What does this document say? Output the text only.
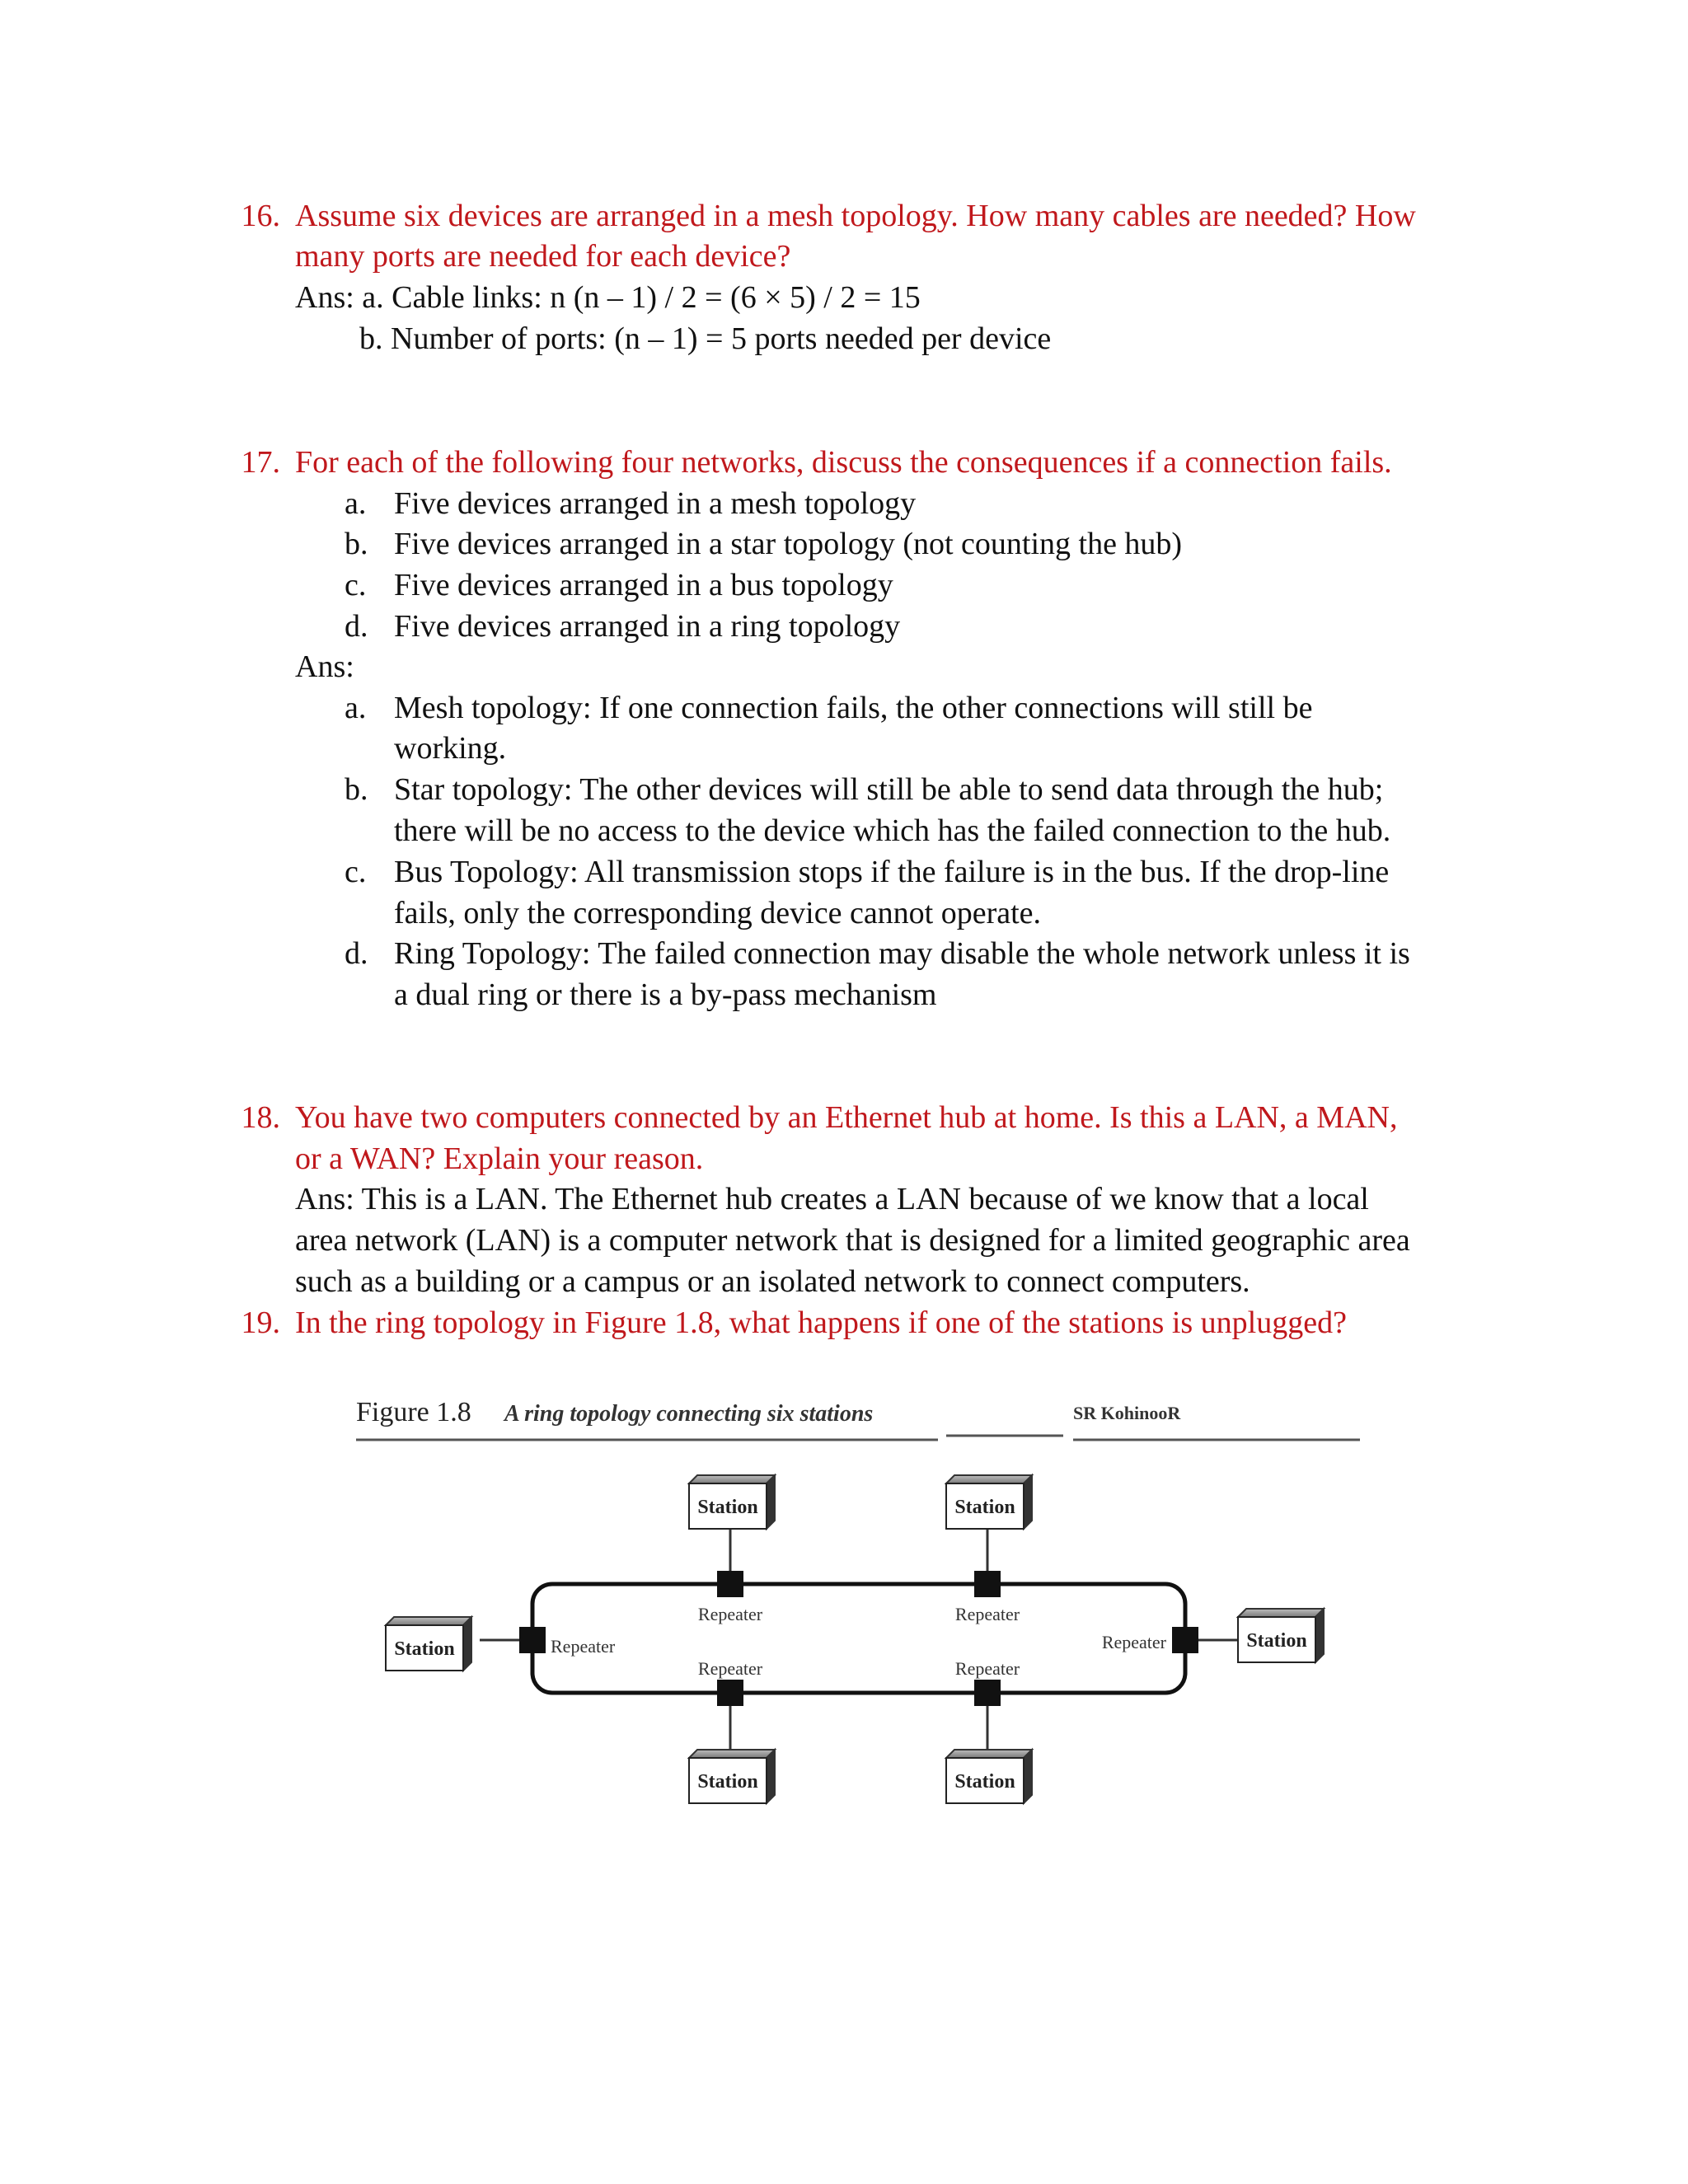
16. Assume six devices are arranged in a mesh topology. How many cables are needed? How
many ports are needed for each device?
Ans: a. Cable links: n (n – 1) / 2 = (6 × 5) / 2 = 15
b. Number of ports: (n – 1) = 5 ports needed per device
17. For each of the following four networks, discuss the consequences if a connection fails.
a. Five devices arranged in a mesh topology
b. Five devices arranged in a star topology (not counting the hub)
c. Five devices arranged in a bus topology
d. Five devices arranged in a ring topology
Ans:
a. Mesh topology: If one connection fails, the other connections will still be
working.
b. Star topology: The other devices will still be able to send data through the hub;
there will be no access to the device which has the failed connection to the hub.
c. Bus Topology: All transmission stops if the failure is in the bus. If the drop-line
fails, only the corresponding device cannot operate.
d. Ring Topology: The failed connection may disable the whole network unless it is
a dual ring or there is a by-pass mechanism
18. You have two computers connected by an Ethernet hub at home. Is this a LAN, a MAN,
or a WAN? Explain your reason.
Ans: This is a LAN. The Ethernet hub creates a LAN because of we know that a local
area network (LAN) is a computer network that is designed for a limited geographic area
such as a building or a campus or an isolated network to connect computers.
19. In the ring topology in Figure 1.8, what happens if one of the stations is unplugged?
Figure 1.8 A ring topology connecting six stations	SR KohinooR
Repeater	Repeater
Repeater	Repeater
Repeater	Repeater
Station	Station
Station	Station
Station	Station
